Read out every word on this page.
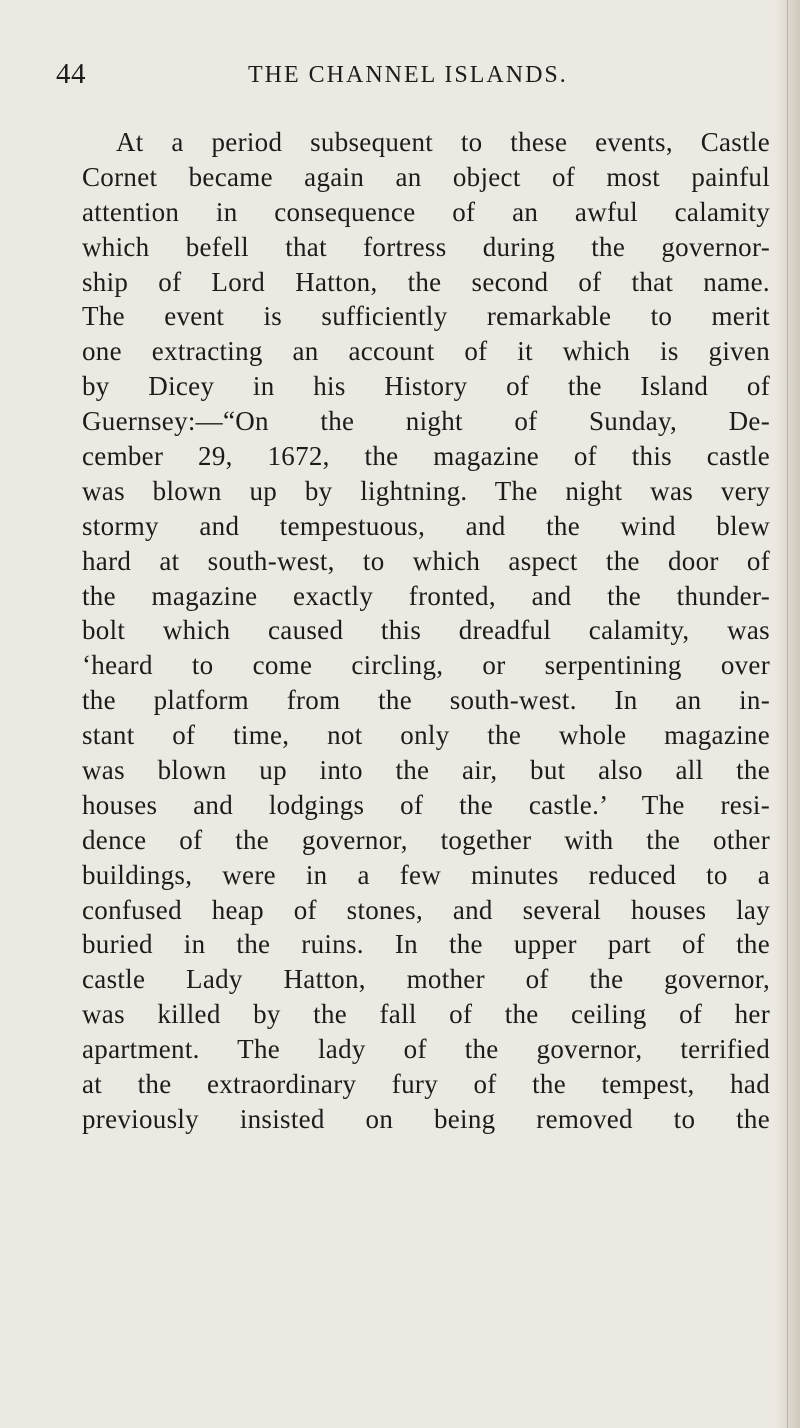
44	THE CHANNEL ISLANDS.
At a period subsequent to these events, Castle
Cornet became again an object of most painful
attention in consequence of an awful calamity
which befell that fortress during the governor-
ship of Lord Hatton, the second of that name.
The event is sufficiently remarkable to merit
one extracting an account of it which is given
by Dicey in his History of the Island of
Guernsey:—“On the night of Sunday, De-
cember 29, 1672, the magazine of this castle
was blown up by lightning. The night was very
stormy and tempestuous, and the wind blew
hard at south-west, to which aspect the door of
the magazine exactly fronted, and the thunder-
bolt which caused this dreadful calamity, was
‘heard to come circling, or serpentining over
the platform from the south-west. In an in-
stant of time, not only the whole magazine
was blown up into the air, but also all the
houses and lodgings of the castle.’ The resi-
dence of the governor, together with the other
buildings, were in a few minutes reduced to a
confused heap of stones, and several houses lay
buried in the ruins. In the upper part of the
castle Lady Hatton, mother of the governor,
was killed by the fall of the ceiling of her
apartment. The lady of the governor, terrified
at the extraordinary fury of the tempest, had
previously insisted on being removed to the
